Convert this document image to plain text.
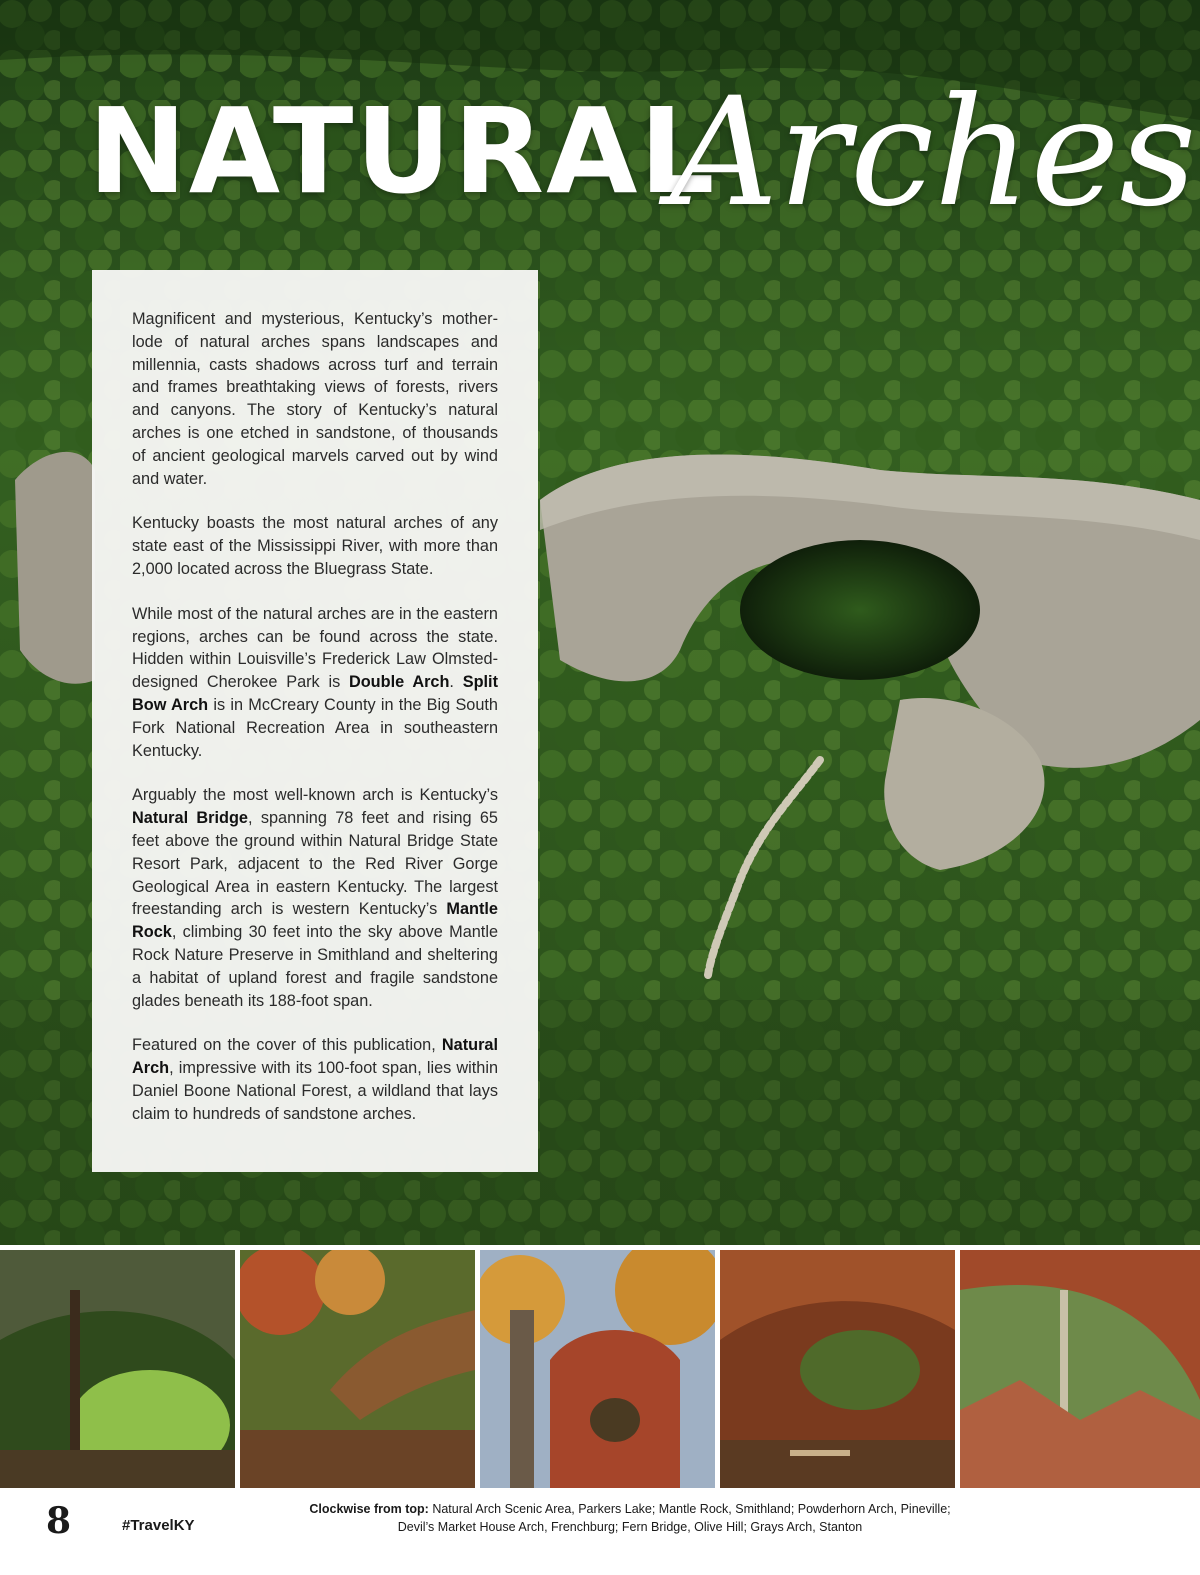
NATURAL
Arches

Magnificent and mysterious, Kentucky’s mother-lode of natural arches spans landscapes and millennia, casts shadows across turf and terrain and frames breathtaking views of forests, rivers and canyons. The story of Kentucky’s natural arches is one etched in sandstone, of thousands of ancient geological marvels carved out by wind and water.

Kentucky boasts the most natural arches of any state east of the Mississippi River, with more than 2,000 located across the Bluegrass State.

While most of the natural arches are in the eastern regions, arches can be found across the state. Hidden within Louisville’s Frederick Law Olmsted-designed Cherokee Park is Double Arch. Split Bow Arch is in McCreary County in the Big South Fork National Recreation Area in southeastern Kentucky.

Arguably the most well-known arch is Kentucky’s Natural Bridge, spanning 78 feet and rising 65 feet above the ground within Natural Bridge State Resort Park, adjacent to the Red River Gorge Geological Area in eastern Kentucky. The largest freestanding arch is western Kentucky’s Mantle Rock, climbing 30 feet into the sky above Mantle Rock Nature Preserve in Smithland and sheltering a habitat of upland forest and fragile sandstone glades beneath its 188-foot span.

Featured on the cover of this publication, Natural Arch, impressive with its 100-foot span, lies within Daniel Boone National Forest, a wildland that lays claim to hundreds of sandstone arches.

8	#TravelKY
Clockwise from top: Natural Arch Scenic Area, Parkers Lake; Mantle Rock, Smithland; Powderhorn Arch, Pineville;
Devil’s Market House Arch, Frenchburg; Fern Bridge, Olive Hill; Grays Arch, Stanton
